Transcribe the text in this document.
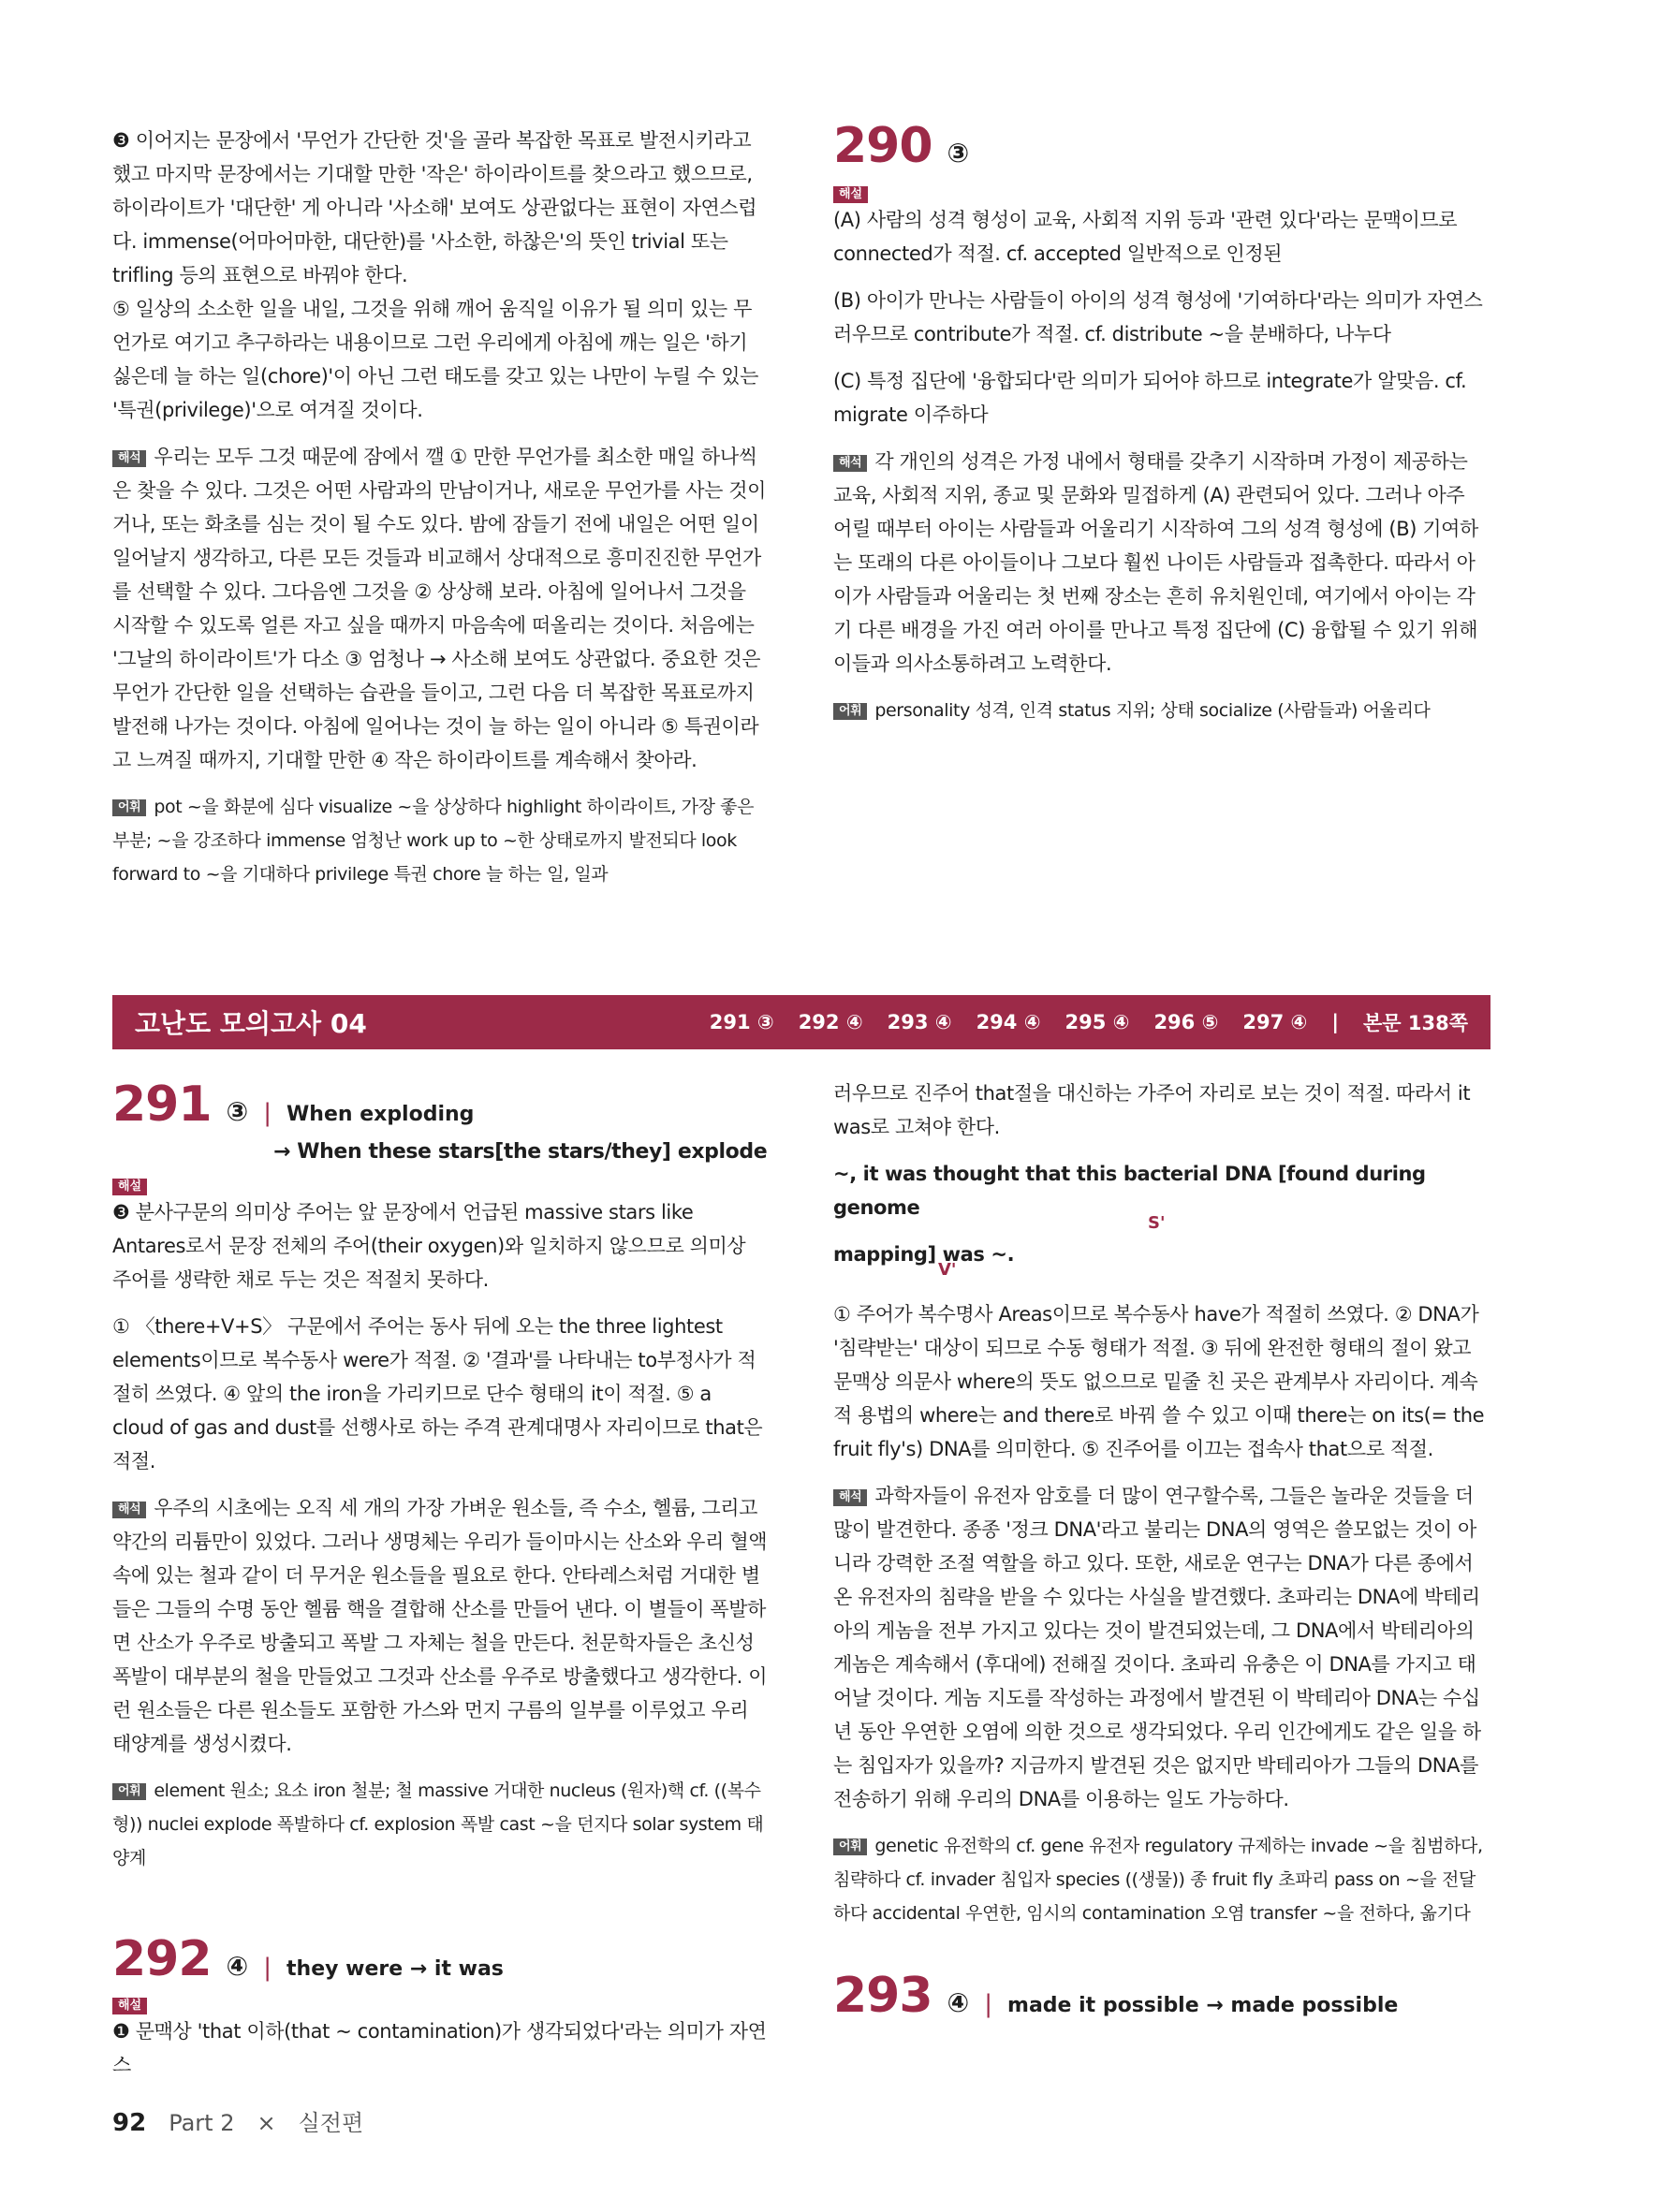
❸ 이어지는 문장에서 '무언가 간단한 것'을 골라 복잡한 목표로 발전시키라고 했고 마지막 문장에서는 기대할 만한 '작은' 하이라이트를 찾으라고 했으므로, 하이라이트가 '대단한' 게 아니라 '사소해' 보여도 상관없다는 표현이 자연스럽다. immense(어마어마한, 대단한)를 '사소한, 하찮은'의 뜻인 trivial 또는 trifling 등의 표현으로 바꿔야 한다.

⑤ 일상의 소소한 일을 내일, 그것을 위해 깨어 움직일 이유가 될 의미 있는 무언가로 여기고 추구하라는 내용이므로 그런 우리에게 아침에 깨는 일은 '하기 싫은데 늘 하는 일(chore)'이 아닌 그런 태도를 갖고 있는 나만이 누릴 수 있는 '특권(privilege)'으로 여겨질 것이다.

해석 우리는 모두 그것 때문에 잠에서 깰 ① 만한 무언가를 최소한 매일 하나씩은 찾을 수 있다. 그것은 어떤 사람과의 만남이거나, 새로운 무언가를 사는 것이거나, 또는 화초를 심는 것이 될 수도 있다. 밤에 잠들기 전에 내일은 어떤 일이 일어날지 생각하고, 다른 모든 것들과 비교해서 상대적으로 흥미진진한 무언가를 선택할 수 있다. 그다음엔 그것을 ② 상상해 보라. 아침에 일어나서 그것을 시작할 수 있도록 얼른 자고 싶을 때까지 마음속에 떠올리는 것이다. 처음에는 '그날의 하이라이트'가 다소 ③ 엄청나 → 사소해 보여도 상관없다. 중요한 것은 무언가 간단한 일을 선택하는 습관을 들이고, 그런 다음 더 복잡한 목표로까지 발전해 나가는 것이다. 아침에 일어나는 것이 늘 하는 일이 아니라 ⑤ 특권이라고 느껴질 때까지, 기대할 만한 ④ 작은 하이라이트를 계속해서 찾아라.

어휘 pot ~을 화분에 심다 visualize ~을 상상하다 highlight 하이라이트, 가장 좋은 부분; ~을 강조하다 immense 엄청난 work up to ~한 상태로까지 발전되다 look forward to ~을 기대하다 privilege 특권 chore 늘 하는 일, 일과

290 ③
해설

(A) 사람의 성격 형성이 교육, 사회적 지위 등과 '관련 있다'라는 문맥이므로 connected가 적절. cf. accepted 일반적으로 인정된

(B) 아이가 만나는 사람들이 아이의 성격 형성에 '기여하다'라는 의미가 자연스러우므로 contribute가 적절. cf. distribute ~을 분배하다, 나누다

(C) 특정 집단에 '융합되다'란 의미가 되어야 하므로 integrate가 알맞음. cf. migrate 이주하다

해석 각 개인의 성격은 가정 내에서 형태를 갖추기 시작하며 가정이 제공하는 교육, 사회적 지위, 종교 및 문화와 밀접하게 (A) 관련되어 있다. 그러나 아주 어릴 때부터 아이는 사람들과 어울리기 시작하여 그의 성격 형성에 (B) 기여하는 또래의 다른 아이들이나 그보다 훨씬 나이든 사람들과 접촉한다. 따라서 아이가 사람들과 어울리는 첫 번째 장소는 흔히 유치원인데, 여기에서 아이는 각기 다른 배경을 가진 여러 아이를 만나고 특정 집단에 (C) 융합될 수 있기 위해 이들과 의사소통하려고 노력한다.

어휘 personality 성격, 인격 status 지위; 상태 socialize (사람들과) 어울리다

고난도 모의고사 04	291 ③ 292 ④ 293 ④ 294 ④ 295 ④ 296 ⑤ 297 ④ | 본문 138쪽
291 ③ | When exploding

→ When these stars[the stars/they] explode

해설

❸ 분사구문의 의미상 주어는 앞 문장에서 언급된 massive stars like Antares로서 문장 전체의 주어(their oxygen)와 일치하지 않으므로 의미상 주어를 생략한 채로 두는 것은 적절치 못하다.

① 〈there+V+S〉 구문에서 주어는 동사 뒤에 오는 the three lightest elements이므로 복수동사 were가 적절. ② '결과'를 나타내는 to부정사가 적절히 쓰였다. ④ 앞의 the iron을 가리키므로 단수 형태의 it이 적절. ⑤ a cloud of gas and dust를 선행사로 하는 주격 관계대명사 자리이므로 that은 적절.

해석 우주의 시초에는 오직 세 개의 가장 가벼운 원소들, 즉 수소, 헬륨, 그리고 약간의 리튬만이 있었다. 그러나 생명체는 우리가 들이마시는 산소와 우리 혈액 속에 있는 철과 같이 더 무거운 원소들을 필요로 한다. 안타레스처럼 거대한 별들은 그들의 수명 동안 헬륨 핵을 결합해 산소를 만들어 낸다. 이 별들이 폭발하면 산소가 우주로 방출되고 폭발 그 자체는 철을 만든다. 천문학자들은 초신성 폭발이 대부분의 철을 만들었고 그것과 산소를 우주로 방출했다고 생각한다. 이런 원소들은 다른 원소들도 포함한 가스와 먼지 구름의 일부를 이루었고 우리 태양계를 생성시켰다.

어휘 element 원소; 요소 iron 철분; 철 massive 거대한 nucleus (원자)핵 cf. ((복수형)) nuclei explode 폭발하다 cf. explosion 폭발 cast ~을 던지다 solar system 태양계

292 ④ | they were → it was
해설

❶ 문맥상 'that 이하(that ~ contamination)가 생각되었다'라는 의미가 자연스

러우므로 진주어 that절을 대신하는 가주어 자리로 보는 것이 적절. 따라서 it was로 고쳐야 한다.

~, it was thought that this bacterial DNA [found during genome

S'

mapping] was ~.

V'

① 주어가 복수명사 Areas이므로 복수동사 have가 적절히 쓰였다. ② DNA가 '침략받는' 대상이 되므로 수동 형태가 적절. ③ 뒤에 완전한 형태의 절이 왔고 문맥상 의문사 where의 뜻도 없으므로 밑줄 친 곳은 관계부사 자리이다. 계속적 용법의 where는 and there로 바꿔 쓸 수 있고 이때 there는 on its(= the fruit fly's) DNA를 의미한다. ⑤ 진주어를 이끄는 접속사 that으로 적절.

해석 과학자들이 유전자 암호를 더 많이 연구할수록, 그들은 놀라운 것들을 더 많이 발견한다. 종종 '정크 DNA'라고 불리는 DNA의 영역은 쓸모없는 것이 아니라 강력한 조절 역할을 하고 있다. 또한, 새로운 연구는 DNA가 다른 종에서 온 유전자의 침략을 받을 수 있다는 사실을 발견했다. 초파리는 DNA에 박테리아의 게놈을 전부 가지고 있다는 것이 발견되었는데, 그 DNA에서 박테리아의 게놈은 계속해서 (후대에) 전해질 것이다. 초파리 유충은 이 DNA를 가지고 태어날 것이다. 게놈 지도를 작성하는 과정에서 발견된 이 박테리아 DNA는 수십 년 동안 우연한 오염에 의한 것으로 생각되었다. 우리 인간에게도 같은 일을 하는 침입자가 있을까? 지금까지 발견된 것은 없지만 박테리아가 그들의 DNA를 전송하기 위해 우리의 DNA를 이용하는 일도 가능하다.

어휘 genetic 유전학의 cf. gene 유전자 regulatory 규제하는 invade ~을 침범하다, 침략하다 cf. invader 침입자 species ((생물)) 종 fruit fly 초파리 pass on ~을 전달하다 accidental 우연한, 임시의 contamination 오염 transfer ~을 전하다, 옮기다

293 ④ | made it possible → made possible
92 Part 2 × 실전편
